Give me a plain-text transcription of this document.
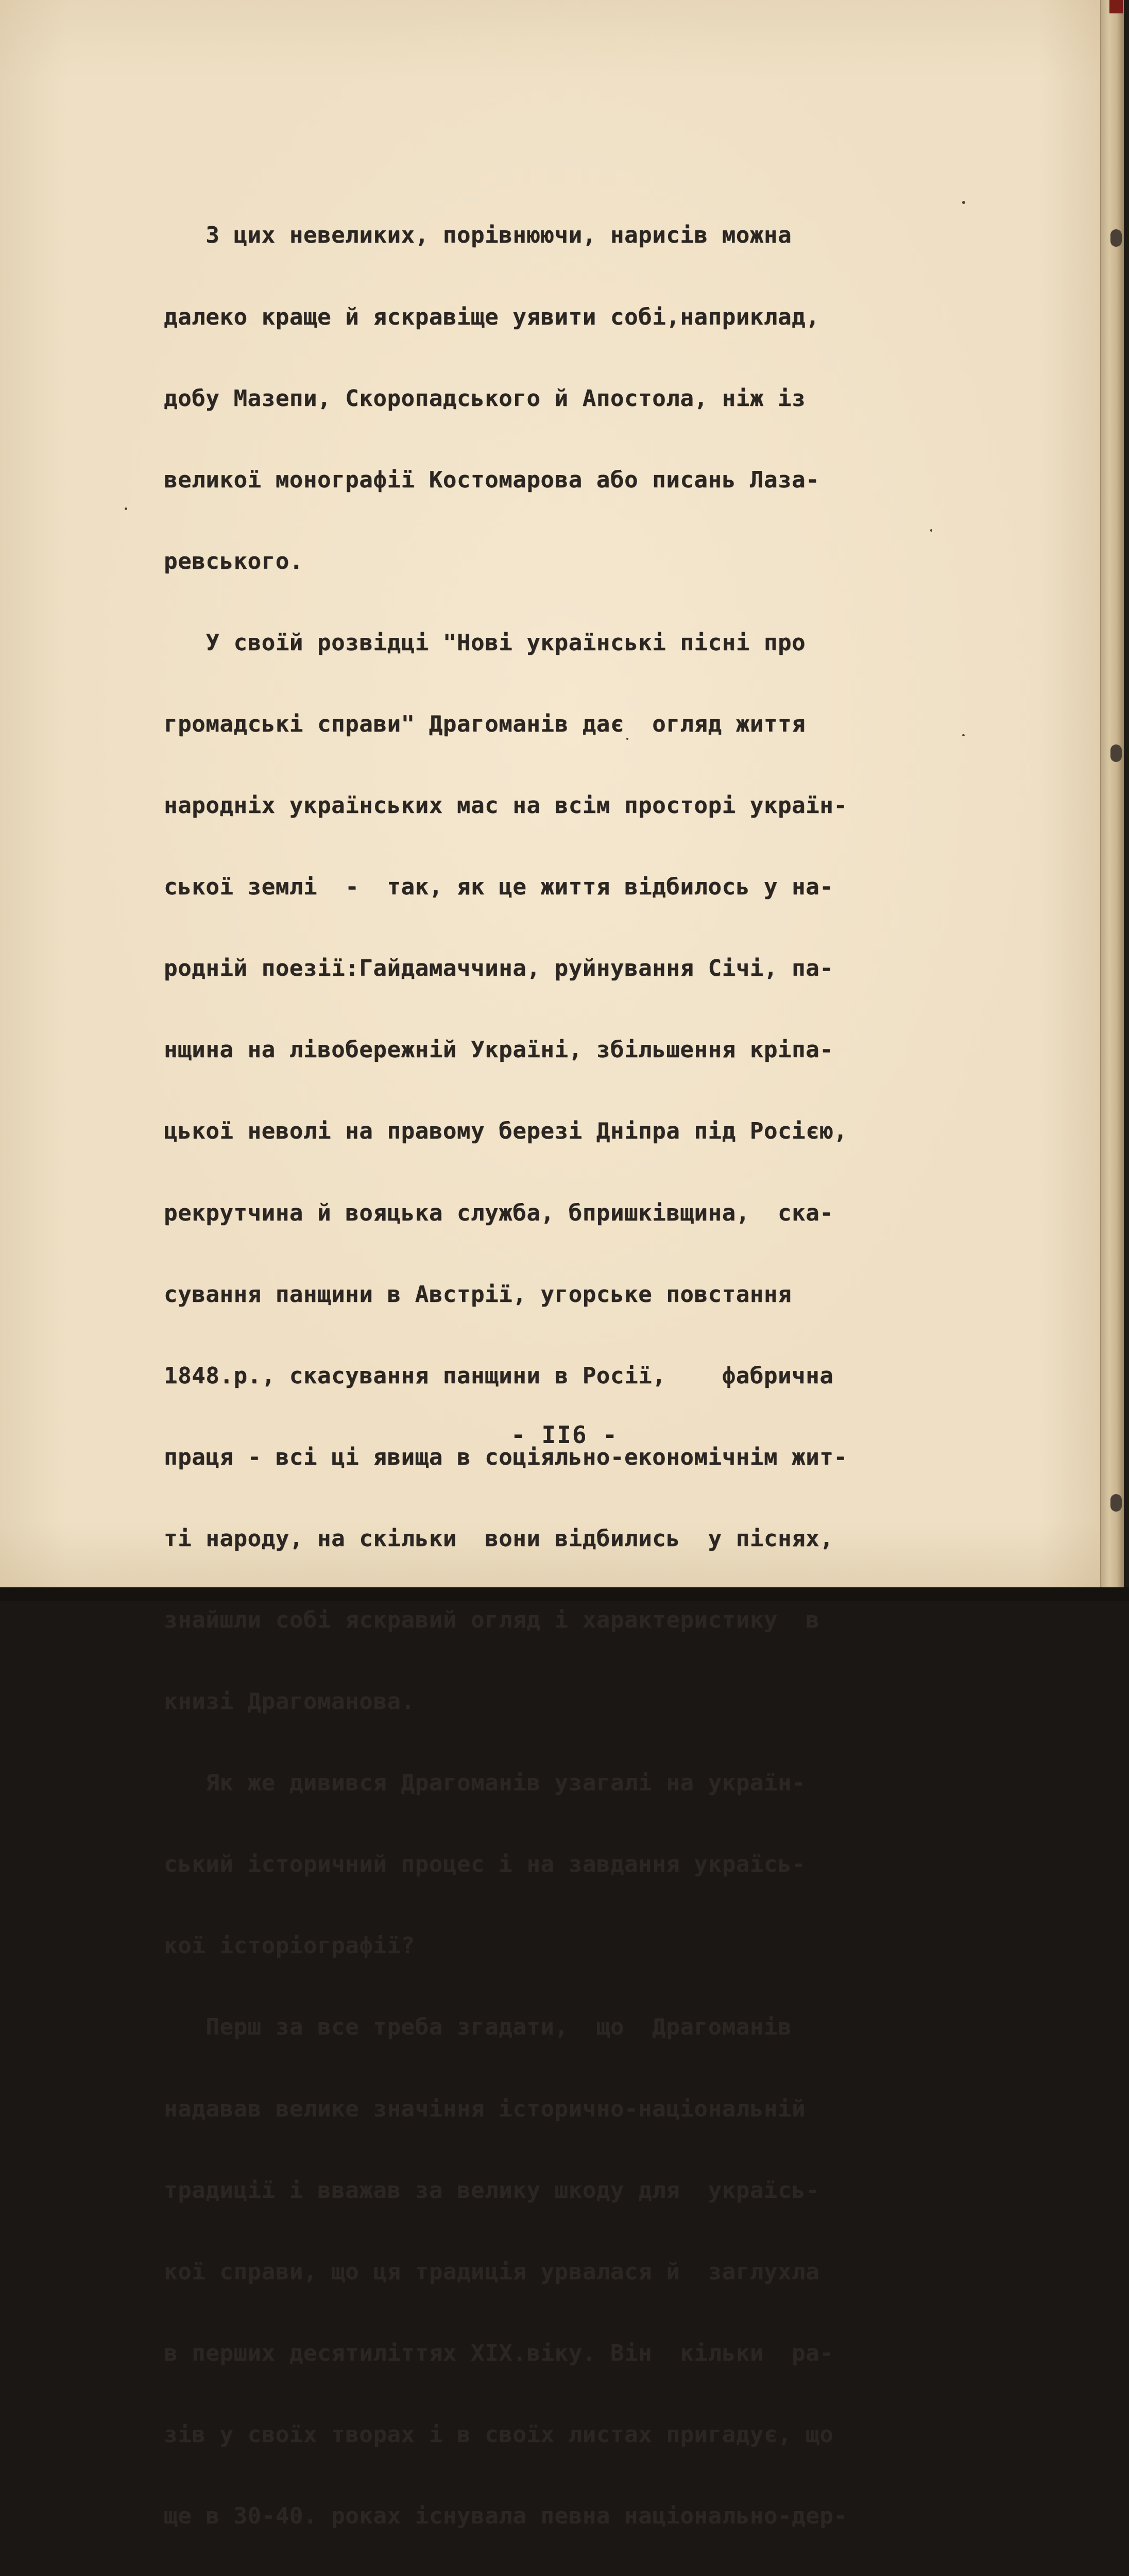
З цих невеликих, порівнюючи, нарисів можна

далеко краще й яскравіще уявити собі,наприклад,

добу Мазепи, Скоропадського й Апостола, ніж із

великої монографії Костомарова або писань Лаза-

ревського.

У своїй розвідці "Нові українські пісні про

громадські справи" Драгоманів дає  огляд життя

народніх українських мас на всім просторі україн-

ської землі  -  так, як це життя відбилось у на-

родній поезії:Гайдамаччина, руйнування Січі, па-

нщина на лівобережній Україні, збільшення кріпа-

цької неволі на правому березі Дніпра під Росією,

рекрутчина й вояцька служба, бпришківщина,  ска-

сування панщини в Австрії, угорське повстання

1848.р., скасування панщини в Росії,    фабрична

праця - всі ці явища в соціяльно-економічнім жит-

ті народу, на скільки  вони відбились  у піснях,

знайшли собі яскравий огляд і характеристику  в

книзі Драгоманова.

Як же дивився Драгоманів узагалі на україн-

ський історичний процес і на завдання україсь-

кої історіографії?

Перш за все треба згадати,  що  Драгоманів

надавав велике значіння історично-національній

традиції і вважав за велику шкоду для  україсь-

кої справи, що ця традиція урвалася й  заглухла

в перших десятиліттях XIX.віку. Він  кільки  ра-

зів у своїх творах і в своїх листах пригадує, що

ще в 30-40. роках існувала певна національно-дер-

- II6 -
